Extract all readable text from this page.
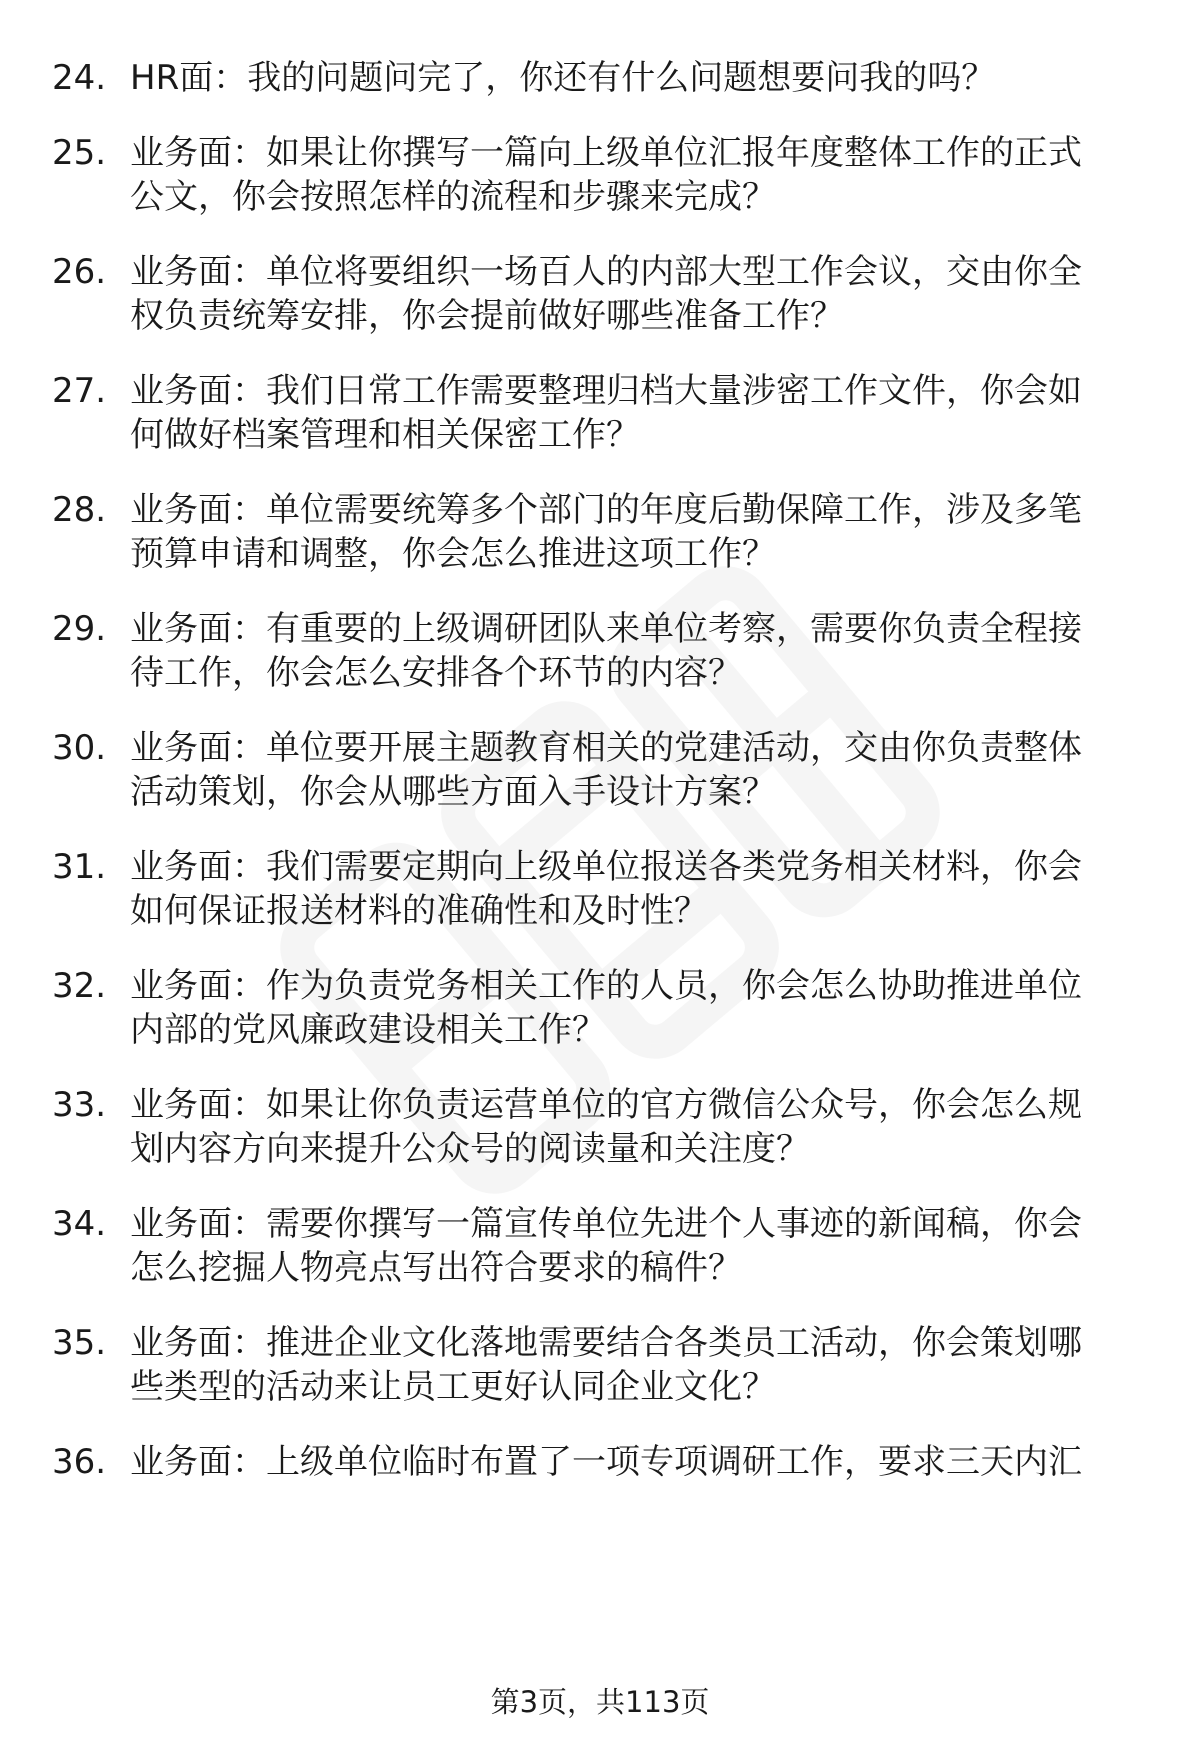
24. HR面：我的问题问完了，你还有什么问题想要问我的吗？
25. 业务面：如果让你撰写一篇向上级单位汇报年度整体工作的正式
公文，你会按照怎样的流程和步骤来完成？
26. 业务面：单位将要组织一场百人的内部大型工作会议，交由你全
权负责统筹安排，你会提前做好哪些准备工作？
27. 业务面：我们日常工作需要整理归档大量涉密工作文件，你会如
何做好档案管理和相关保密工作？
28. 业务面：单位需要统筹多个部门的年度后勤保障工作，涉及多笔
预算申请和调整，你会怎么推进这项工作？
29. 业务面：有重要的上级调研团队来单位考察，需要你负责全程接
待工作，你会怎么安排各个环节的内容？
30. 业务面：单位要开展主题教育相关的党建活动，交由你负责整体
活动策划，你会从哪些方面入手设计方案？
31. 业务面：我们需要定期向上级单位报送各类党务相关材料，你会
如何保证报送材料的准确性和及时性？
32. 业务面：作为负责党务相关工作的人员，你会怎么协助推进单位
内部的党风廉政建设相关工作？
33. 业务面：如果让你负责运营单位的官方微信公众号，你会怎么规
划内容方向来提升公众号的阅读量和关注度？
34. 业务面：需要你撰写一篇宣传单位先进个人事迹的新闻稿，你会
怎么挖掘人物亮点写出符合要求的稿件？
35. 业务面：推进企业文化落地需要结合各类员工活动，你会策划哪
些类型的活动来让员工更好认同企业文化？
36. 业务面：上级单位临时布置了一项专项调研工作，要求三天内汇
第3页，共113页
